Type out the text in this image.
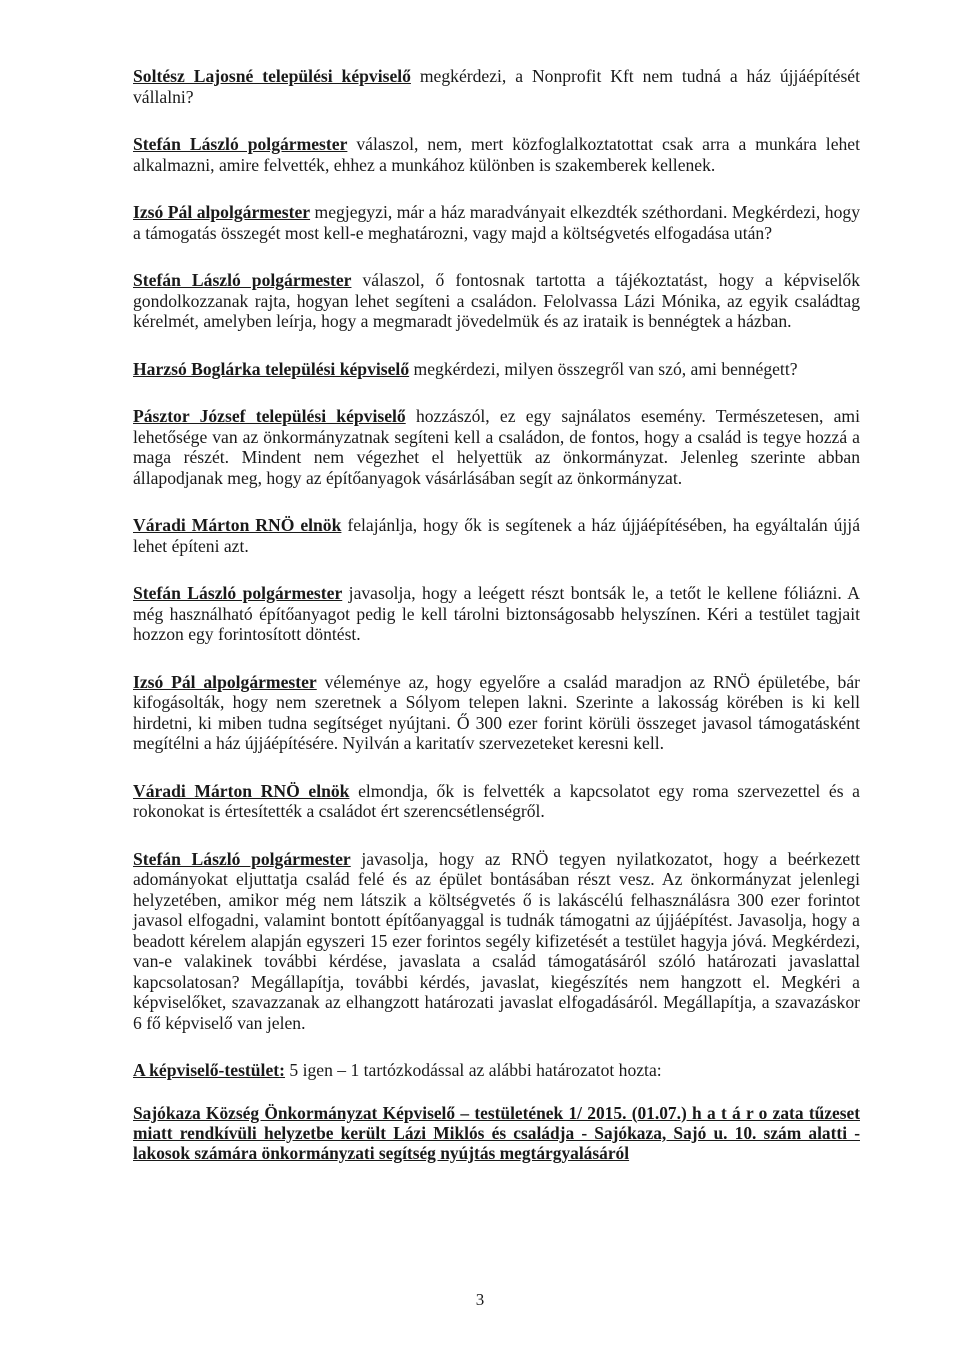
Soltész Lajosné települési képviselő megkérdezi, a Nonprofit Kft nem tudná a ház újjáépítését vállalni?

Stefán László polgármester válaszol, nem, mert közfoglalkoztatottat csak arra a munkára lehet alkalmazni, amire felvették, ehhez a munkához különben is szakemberek kellenek.

Izsó Pál alpolgármester megjegyzi, már a ház maradványait elkezdték széthordani. Megkérdezi, hogy a támogatás összegét most kell-e meghatározni, vagy majd a költségvetés elfogadása után?

Stefán László polgármester válaszol, ő fontosnak tartotta a tájékoztatást, hogy a képviselők gondolkozzanak rajta, hogyan lehet segíteni a családon. Felolvassa Lázi Mónika, az egyik családtag kérelmét, amelyben leírja, hogy a megmaradt jövedelmük és az irataik is bennégtek a házban.

Harzsó Boglárka települési képviselő megkérdezi, milyen összegről van szó, ami bennégett?

Pásztor József települési képviselő hozzászól, ez egy sajnálatos esemény. Természetesen, ami lehetősége van az önkormányzatnak segíteni kell a családon, de fontos, hogy a család is tegye hozzá a maga részét. Mindent nem végezhet el helyettük az önkormányzat. Jelenleg szerinte abban állapodjanak meg, hogy az építőanyagok vásárlásában segít az önkormányzat.

Váradi Márton RNÖ elnök felajánlja, hogy ők is segítenek a ház újjáépítésében, ha egyáltalán újjá lehet építeni azt.

Stefán László polgármester javasolja, hogy a leégett részt bontsák le, a tetőt le kellene fóliázni. A még használható építőanyagot pedig le kell tárolni biztonságosabb helyszínen. Kéri a testület tagjait hozzon egy forintosított döntést.

Izsó Pál alpolgármester véleménye az, hogy egyelőre a család maradjon az RNÖ épületébe, bár kifogásolták, hogy nem szeretnek a Sólyom telepen lakni. Szerinte a lakosság körében is ki kell hirdetni, ki miben tudna segítséget nyújtani. Ő 300 ezer forint körüli összeget javasol támogatásként megítélni a ház újjáépítésére. Nyilván a karitatív szervezeteket keresni kell.

Váradi Márton RNÖ elnök elmondja, ők is felvették a kapcsolatot egy roma szervezettel és a rokonokat is értesítették a családot ért szerencsétlenségről.

Stefán László polgármester javasolja, hogy az RNÖ tegyen nyilatkozatot, hogy a beérkezett adományokat eljuttatja család felé és az épület bontásában részt vesz. Az önkormányzat jelenlegi helyzetében, amikor még nem látszik a költségvetés ő is lakáscélú felhasználásra 300 ezer forintot javasol elfogadni, valamint bontott építőanyaggal is tudnák támogatni az újjáépítést. Javasolja, hogy a beadott kérelem alapján egyszeri 15 ezer forintos segély kifizetését a testület hagyja jóvá. Megkérdezi, van-e valakinek további kérdése, javaslata a család támogatásáról szóló határozati javaslattal kapcsolatosan? Megállapítja, további kérdés, javaslat, kiegészítés nem hangzott el. Megkéri a képviselőket, szavazzanak az elhangzott határozati javaslat elfogadásáról. Megállapítja, a szavazáskor 6 fő képviselő van jelen.

A képviselő-testület: 5 igen – 1 tartózkodással az alábbi határozatot hozta:

Sajókaza Község Önkormányzat Képviselő – testületének 1/ 2015. (01.07.) h a t á r o zata tűzeset miatt rendkívüli helyzetbe került Lázi Miklós és családja - Sajókaza, Sajó u. 10. szám alatti - lakosok számára önkormányzati segítség nyújtás megtárgyalásáról

3
